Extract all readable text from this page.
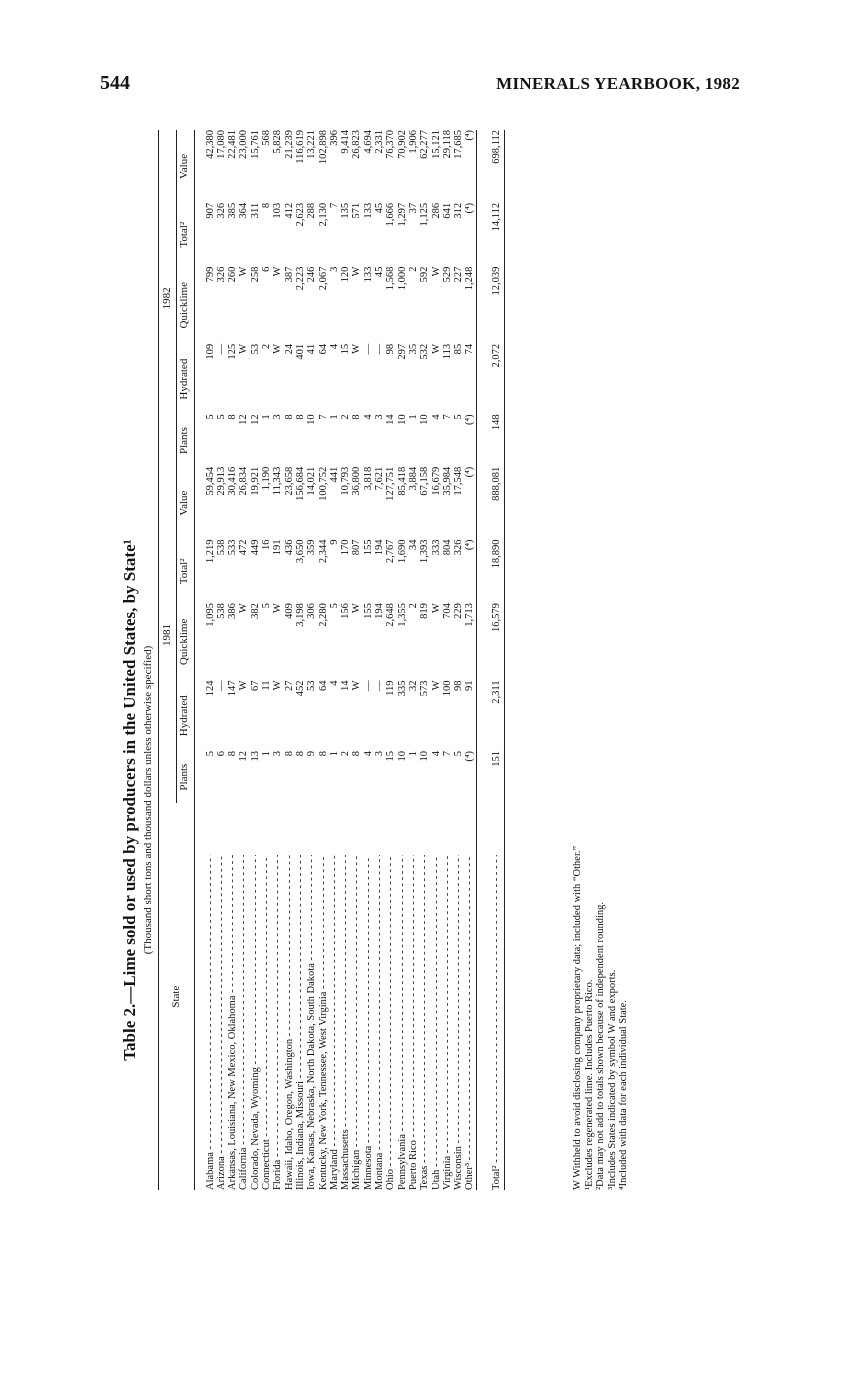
544	MINERALS YEARBOOK, 1982
Table 2.—Lime sold or used by producers in the United States, by State¹ (Thousand short tons and thousand dollars unless otherwise specified)
State	1981					1982				
	Plants	Hydrated	Quicklime	Total²	Value	Plants	Hydrated	Quicklime	Total²	Value
Alabama - - -	5	124	1,095	1,219	59,454	5	109	799	907	42,380
Arizona - - -	6	—	538	538	29,913	5	—	326	326	17,080
Arkansas, Louisiana, New Mexico, Oklahoma - - -	8	147	386	533	30,416	8	125	260	385	22,481
California - - -	12	W	W	472	26,834	12	W	W	364	23,000
Colorado, Nevada, Wyoming - - -	13	67	382	449	19,921	12	53	258	311	15,761
Connecticut - - -	1	11	5	16	1,190	1	2	6	8	568
Florida - - -	3	W	W	191	11,343	3	W	W	103	5,828
Hawaii, Idaho, Oregon, Washington - - -	8	27	409	436	23,658	8	24	387	412	21,239
Illinois, Indiana, Missouri - - -	8	452	3,198	3,650	156,684	8	401	2,223	2,623	116,619
Iowa, Kansas, Nebraska, North Dakota, South Dakota - - -	9	53	306	359	14,021	10	41	246	288	13,221
Kentucky, New York, Tennessee, West Virginia - - -	8	64	2,280	2,344	100,752	7	64	2,067	2,130	102,898
Maryland - - -	1	4	5	9	441	1	4	3	7	396
Massachusetts - - -	2	14	156	170	10,793	2	15	120	135	9,414
Michigan - - -	8	W	W	807	36,800	8	W	W	571	26,823
Minnesota - - -	4	—	155	155	3,818	4	—	133	133	4,694
Montana - - -	3	—	194	194	7,621	3	—	45	45	2,331
Ohio - - -	15	119	2,648	2,767	127,751	14	98	1,568	1,666	76,370
Pennsylvania - - -	10	335	1,355	1,690	85,418	10	297	1,000	1,297	70,902
Puerto Rico - - -	1	32	2	34	3,884	1	35	2	37	1,906
Texas - - -	10	573	819	1,393	67,158	10	532	592	1,125	62,277
Utah - - -	4	W	W	333	16,679	4	W	W	286	15,121
Virginia - - -	7	100	704	804	35,984	7	113	529	641	29,118
Wisconsin - - -	5	98	229	326	17,548	5	85	227	312	17,685
Other³ - - -	(⁴)	91	1,713	(⁴)	(⁴)	(⁴)	74	1,248	(⁴)	(⁴)
Total² - - -	151	2,311	16,579	18,890	888,081	148	2,072	12,039	14,112	698,112
W Withheld to avoid disclosing company proprietary data; included with “Other.” ¹Excludes regenerated lime. Includes Puerto Rico. ²Data may not add to totals shown because of independent rounding. ³Includes States indicated by symbol W and exports. ⁴Included with data for each individual State.
